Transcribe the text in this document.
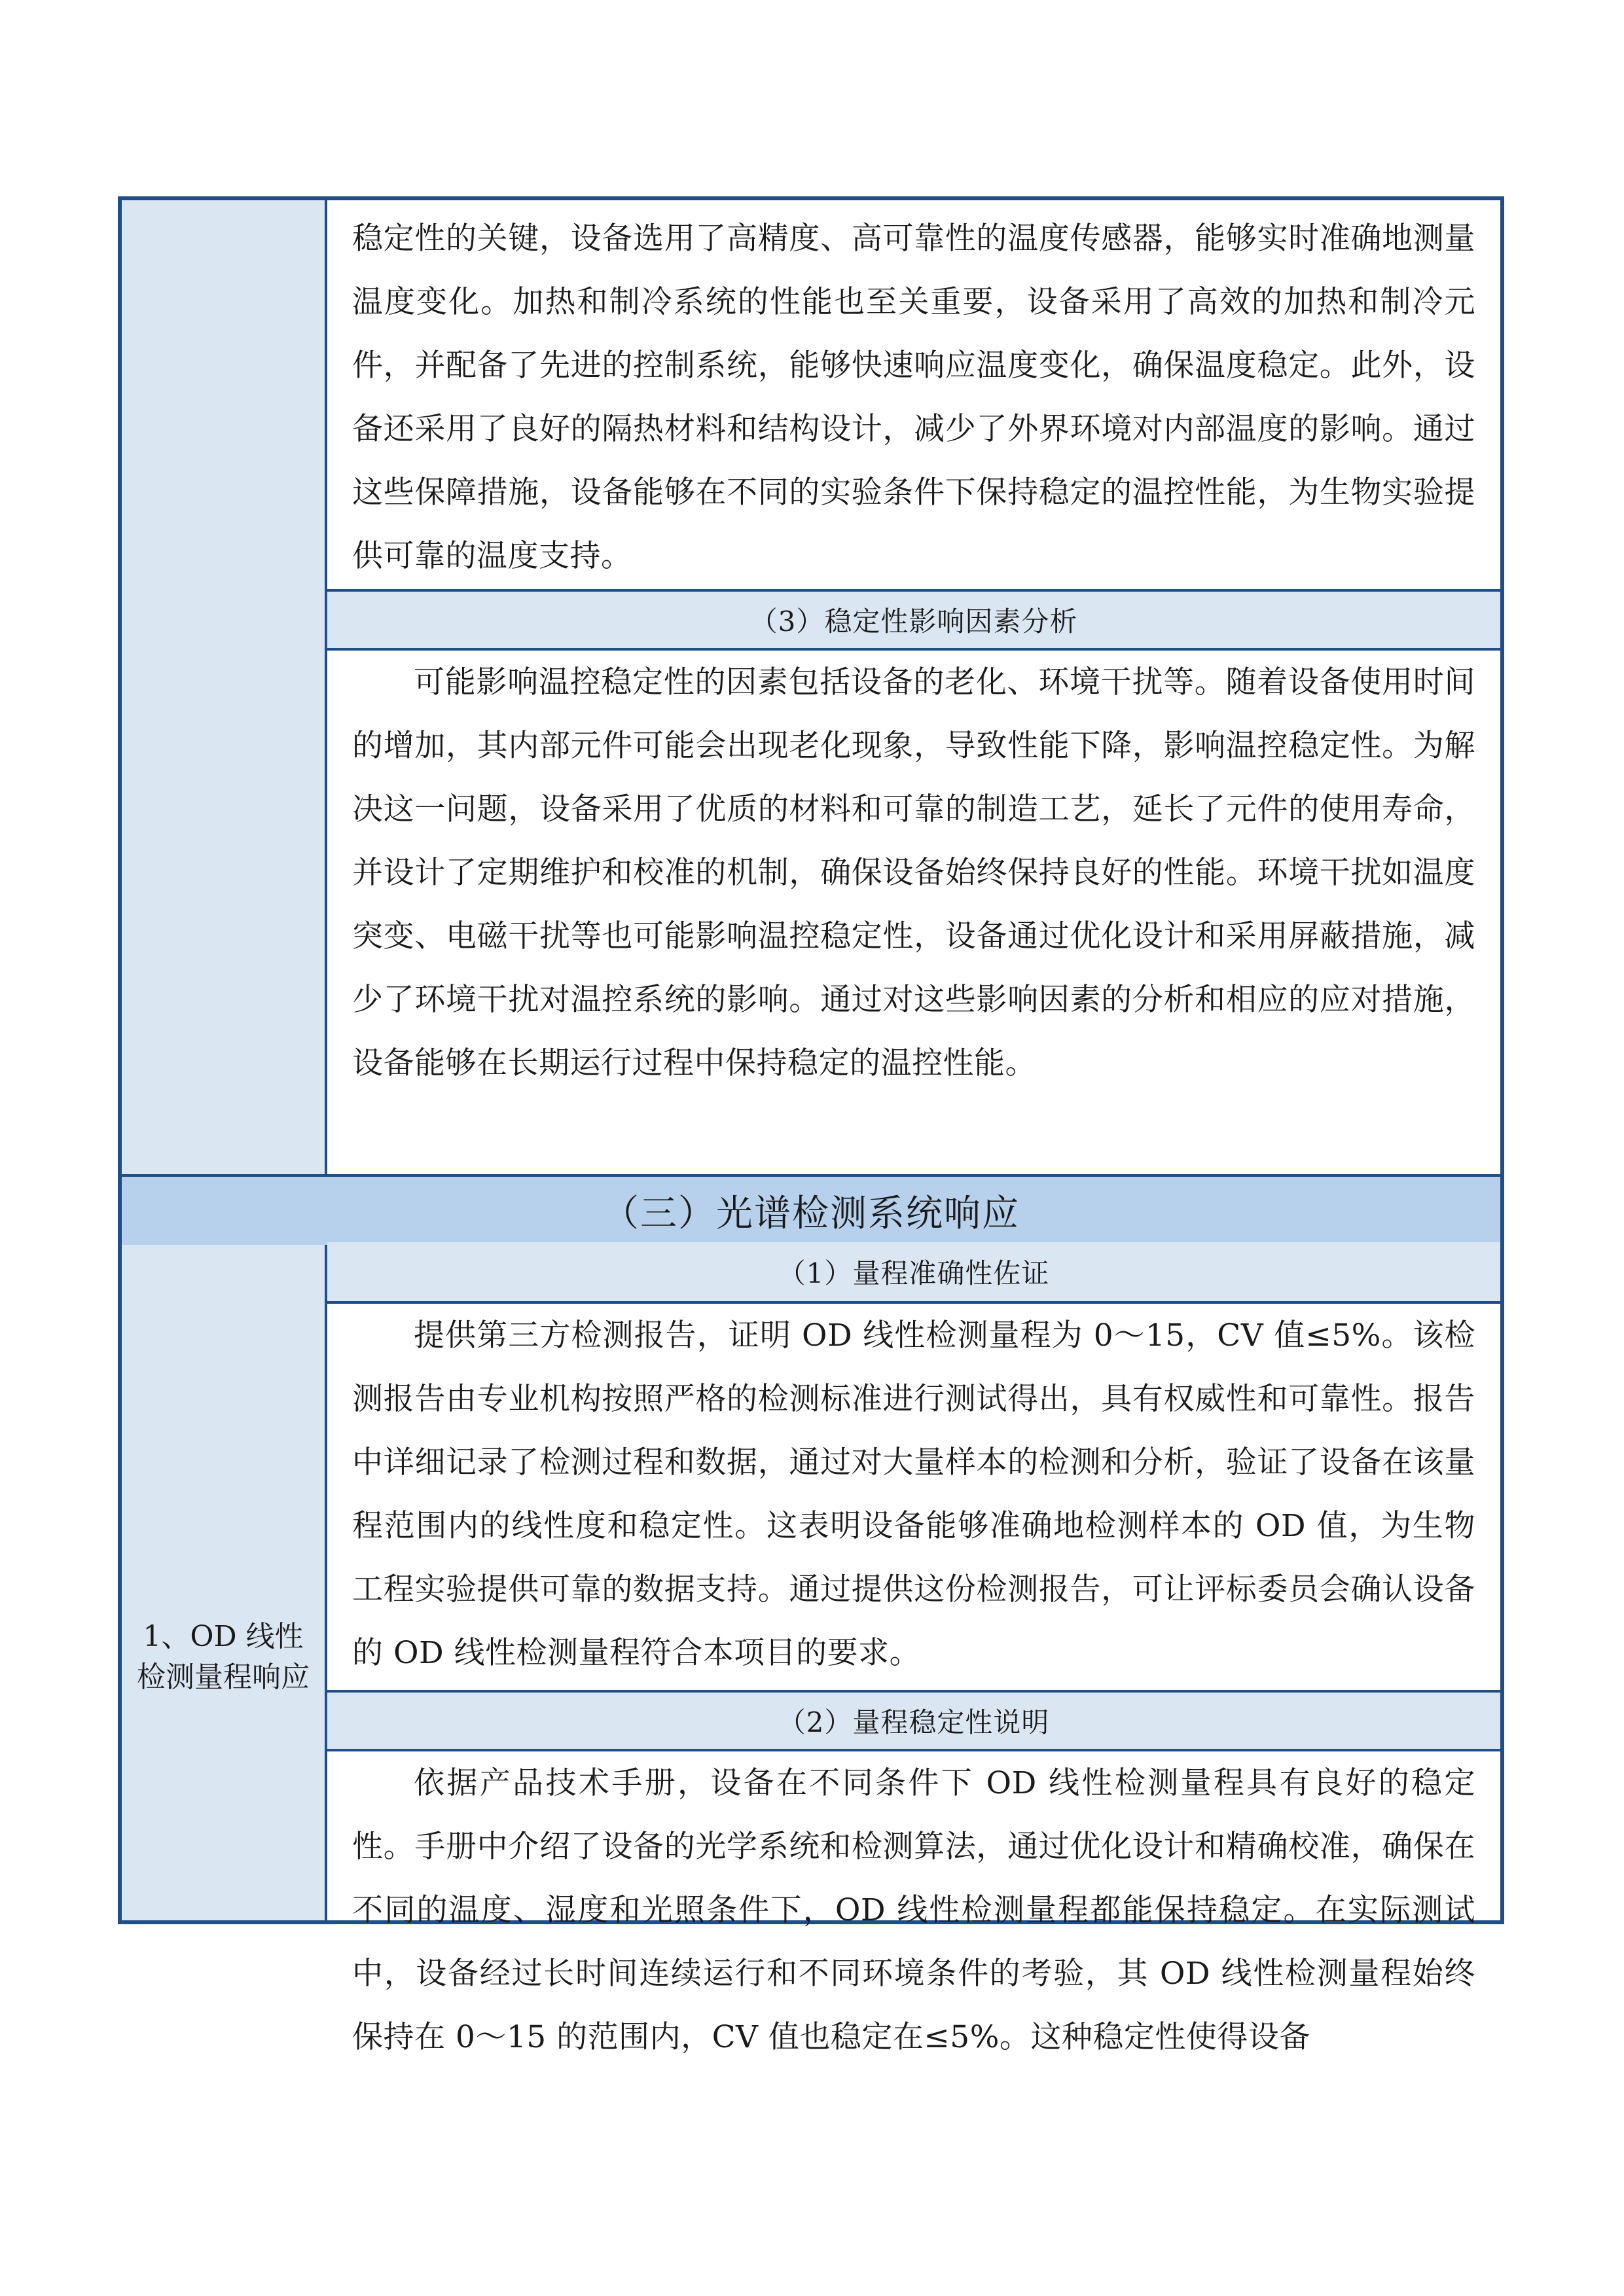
稳定性的关键，设备选用了高精度、高可靠性的温度传感器，能够实时准确地测量温度变化。加热和制冷系统的性能也至关重要，设备采用了高效的加热和制冷元件，并配备了先进的控制系统，能够快速响应温度变化，确保温度稳定。此外，设备还采用了良好的隔热材料和结构设计，减少了外界环境对内部温度的影响。通过这些保障措施，设备能够在不同的实验条件下保持稳定的温控性能，为生物实验提供可靠的温度支持。
（3）稳定性影响因素分析
可能影响温控稳定性的因素包括设备的老化、环境干扰等。随着设备使用时间的增加，其内部元件可能会出现老化现象，导致性能下降，影响温控稳定性。为解决这一问题，设备采用了优质的材料和可靠的制造工艺，延长了元件的使用寿命，并设计了定期维护和校准的机制，确保设备始终保持良好的性能。环境干扰如温度突变、电磁干扰等也可能影响温控稳定性，设备通过优化设计和采用屏蔽措施，减少了环境干扰对温控系统的影响。通过对这些影响因素的分析和相应的应对措施，设备能够在长期运行过程中保持稳定的温控性能。
（三）光谱检测系统响应
1、OD 线性检测量程响应
（1）量程准确性佐证
提供第三方检测报告，证明 OD 线性检测量程为 0～15，CV 值≤5%。该检测报告由专业机构按照严格的检测标准进行测试得出，具有权威性和可靠性。报告中详细记录了检测过程和数据，通过对大量样本的检测和分析，验证了设备在该量程范围内的线性度和稳定性。这表明设备能够准确地检测样本的 OD 值，为生物工程实验提供可靠的数据支持。通过提供这份检测报告，可让评标委员会确认设备的 OD 线性检测量程符合本项目的要求。
（2）量程稳定性说明
依据产品技术手册，设备在不同条件下 OD 线性检测量程具有良好的稳定性。手册中介绍了设备的光学系统和检测算法，通过优化设计和精确校准，确保在不同的温度、湿度和光照条件下，OD 线性检测量程都能保持稳定。在实际测试中，设备经过长时间连续运行和不同环境条件的考验，其 OD 线性检测量程始终保持在 0～15 的范围内，CV 值也稳定在≤5%。这种稳定性使得设备
